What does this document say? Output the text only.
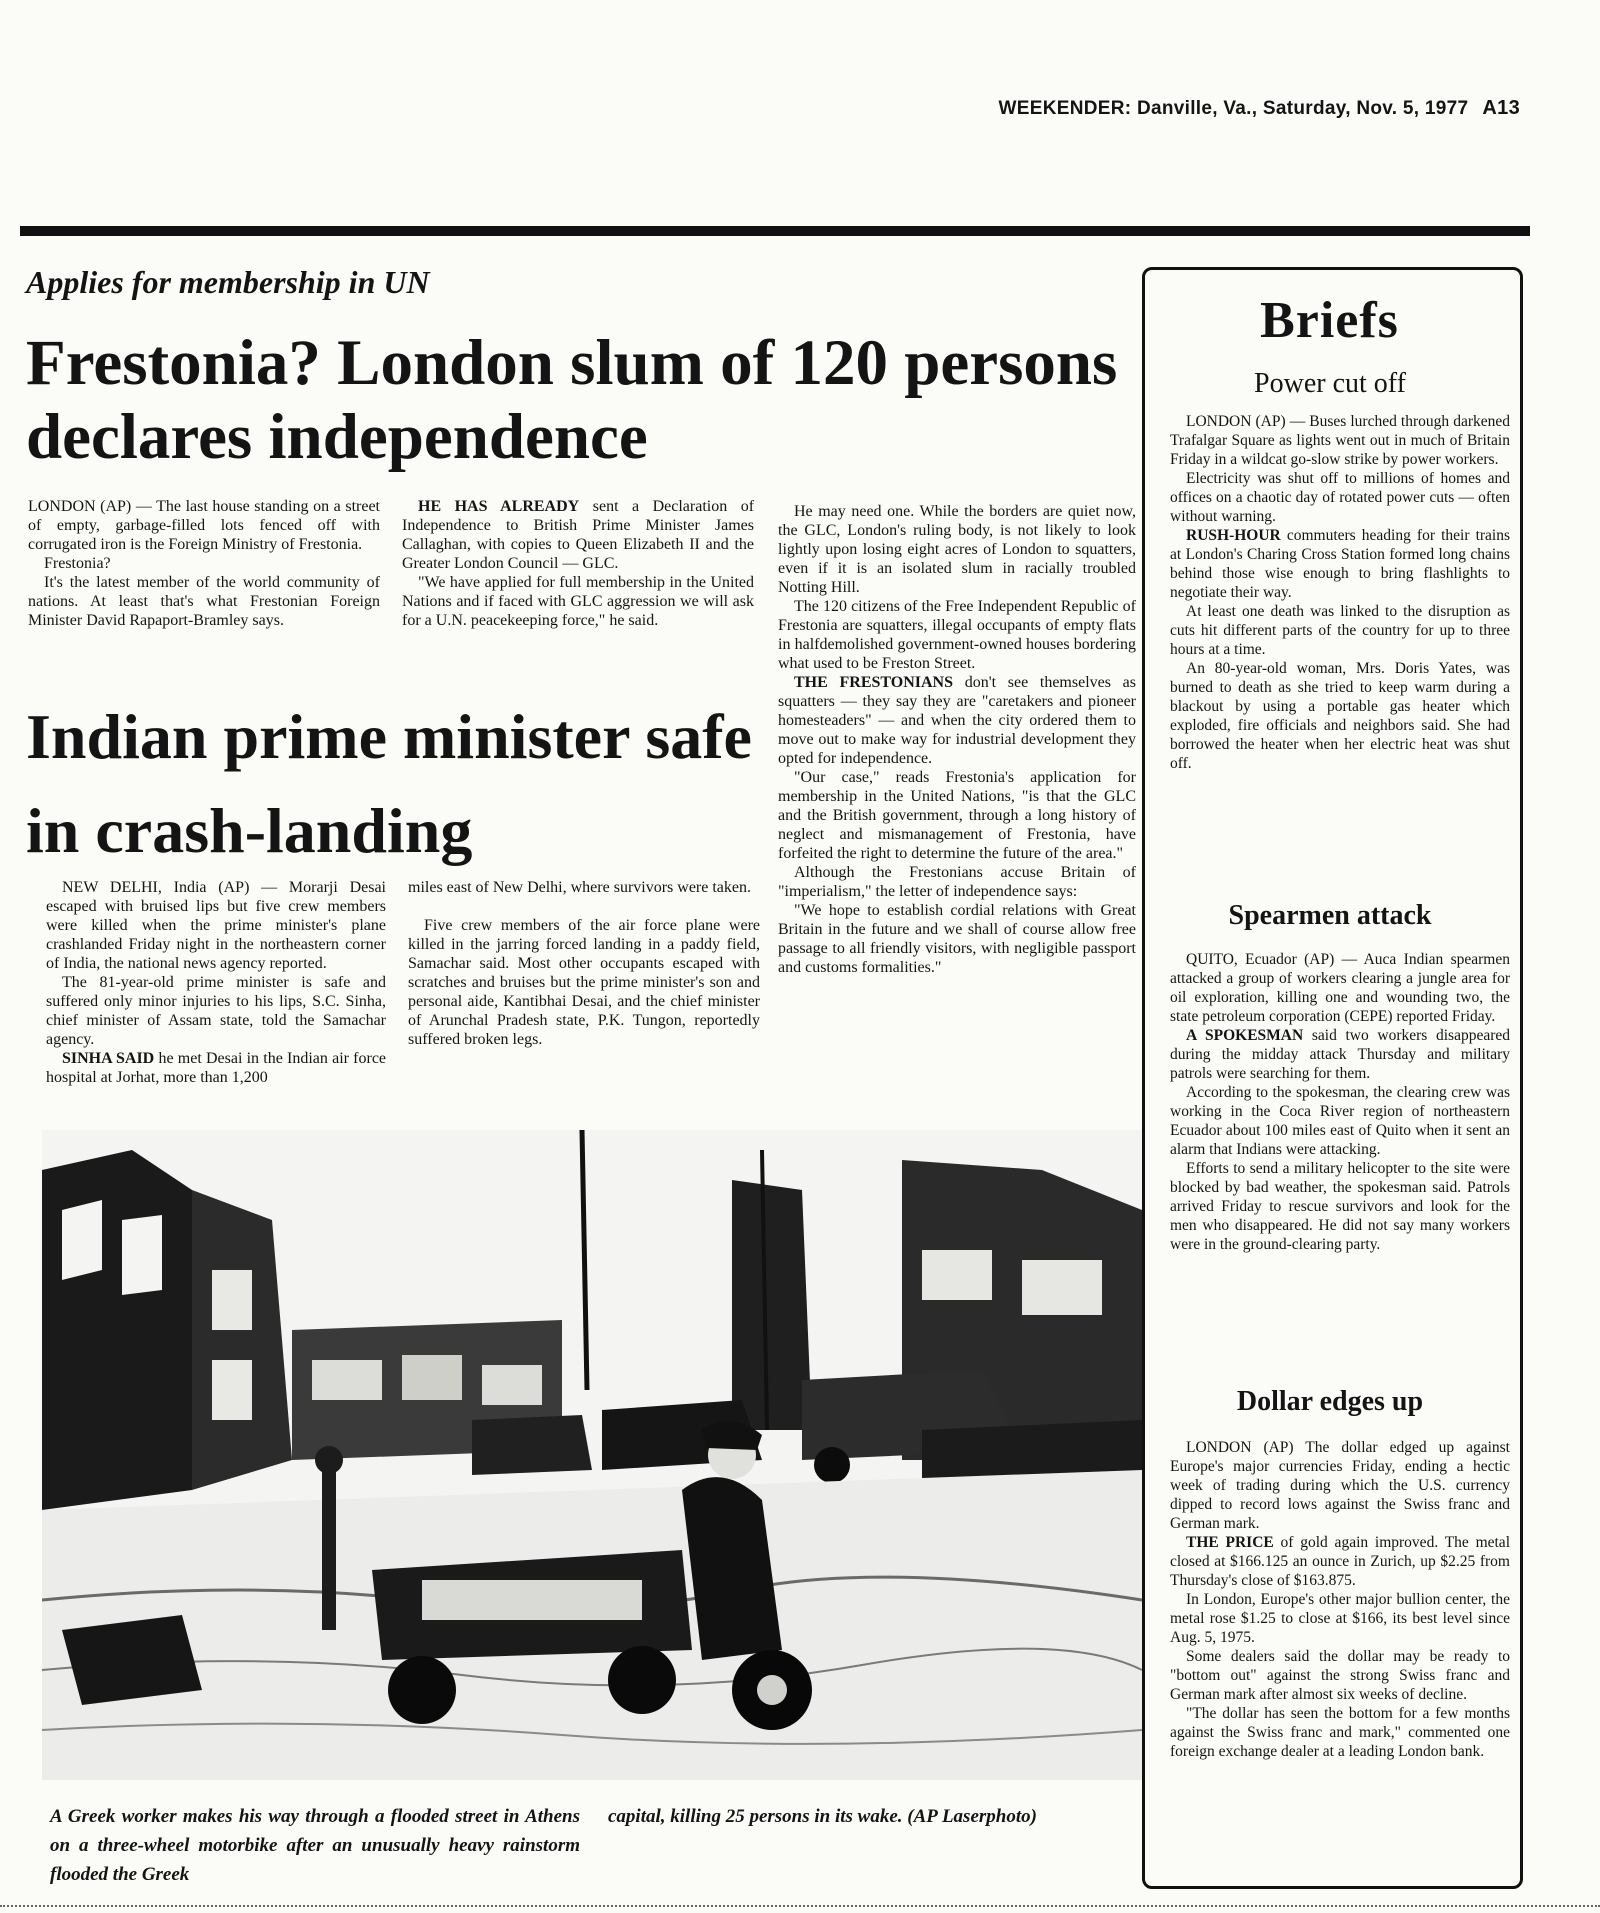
WEEKENDER: Danville, Va., Saturday, Nov. 5, 1977 A13
Applies for membership in UN
Frestonia? London slum of 120 persons declares independence

LONDON (AP) — The last house standing on a street of empty, garbage-filled lots fenced off with corrugated iron is the Foreign Ministry of Frestonia.

Frestonia?

It's the latest member of the world community of nations. At least that's what Frestonian Foreign Minister David Rapaport-Bramley says.

HE HAS ALREADY sent a Declaration of Independence to British Prime Minister James Callaghan, with copies to Queen Elizabeth II and the Greater London Council — GLC.

"We have applied for full membership in the United Nations and if faced with GLC aggression we will ask for a U.N. peacekeeping force," he said.

He may need one. While the borders are quiet now, the GLC, London's ruling body, is not likely to look lightly upon losing eight acres of London to squatters, even if it is an isolated slum in racially troubled Notting Hill.

The 120 citizens of the Free Independent Republic of Frestonia are squatters, illegal occupants of empty flats in halfdemolished government-owned houses bordering what used to be Freston Street.

THE FRESTONIANS don't see themselves as squatters — they say they are "caretakers and pioneer homesteaders" — and when the city ordered them to move out to make way for industrial development they opted for independence.

"Our case," reads Frestonia's application for membership in the United Nations, "is that the GLC and the British government, through a long history of neglect and mismanagement of Frestonia, have forfeited the right to determine the future of the area."

Although the Frestonians accuse Britain of "imperialism," the letter of independence says:

"We hope to establish cordial relations with Great Britain in the future and we shall of course allow free passage to all friendly visitors, with negligible passport and customs formalities."

Indian prime minister safe in crash-landing

NEW DELHI, India (AP) — Morarji Desai escaped with bruised lips but five crew members were killed when the prime minister's plane crashlanded Friday night in the northeastern corner of India, the national news agency reported.

The 81-year-old prime minister is safe and suffered only minor injuries to his lips, S.C. Sinha, chief minister of Assam state, told the Samachar agency.

SINHA SAID he met Desai in the Indian air force hospital at Jorhat, more than 1,200

miles east of New Delhi, where survivors were taken.

Five crew members of the air force plane were killed in the jarring forced landing in a paddy field, Samachar said. Most other occupants escaped with scratches and bruises but the prime minister's son and personal aide, Kantibhai Desai, and the chief minister of Arunchal Pradesh state, P.K. Tungon, reportedly suffered broken legs.

A Greek worker makes his way through a flooded street in Athens on a three-wheel motorbike after an unusually heavy rainstorm flooded the Greek
capital, killing 25 persons in its wake. (AP Laserphoto)
Briefs
Power cut off

LONDON (AP) — Buses lurched through darkened Trafalgar Square as lights went out in much of Britain Friday in a wildcat go-slow strike by power workers.

Electricity was shut off to millions of homes and offices on a chaotic day of rotated power cuts — often without warning.

RUSH-HOUR commuters heading for their trains at London's Charing Cross Station formed long chains behind those wise enough to bring flashlights to negotiate their way.

At least one death was linked to the disruption as cuts hit different parts of the country for up to three hours at a time.

An 80-year-old woman, Mrs. Doris Yates, was burned to death as she tried to keep warm during a blackout by using a portable gas heater which exploded, fire officials and neighbors said. She had borrowed the heater when her electric heat was shut off.

Spearmen attack

QUITO, Ecuador (AP) — Auca Indian spearmen attacked a group of workers clearing a jungle area for oil exploration, killing one and wounding two, the state petroleum corporation (CEPE) reported Friday.

A SPOKESMAN said two workers disappeared during the midday attack Thursday and military patrols were searching for them.

According to the spokesman, the clearing crew was working in the Coca River region of northeastern Ecuador about 100 miles east of Quito when it sent an alarm that Indians were attacking.

Efforts to send a military helicopter to the site were blocked by bad weather, the spokesman said. Patrols arrived Friday to rescue survivors and look for the men who disappeared. He did not say many workers were in the ground-clearing party.

Dollar edges up

LONDON (AP) The dollar edged up against Europe's major currencies Friday, ending a hectic week of trading during which the U.S. currency dipped to record lows against the Swiss franc and German mark.

THE PRICE of gold again improved. The metal closed at $166.125 an ounce in Zurich, up $2.25 from Thursday's close of $163.875.

In London, Europe's other major bullion center, the metal rose $1.25 to close at $166, its best level since Aug. 5, 1975.

Some dealers said the dollar may be ready to "bottom out" against the strong Swiss franc and German mark after almost six weeks of decline.

"The dollar has seen the bottom for a few months against the Swiss franc and mark," commented one foreign exchange dealer at a leading London bank.
